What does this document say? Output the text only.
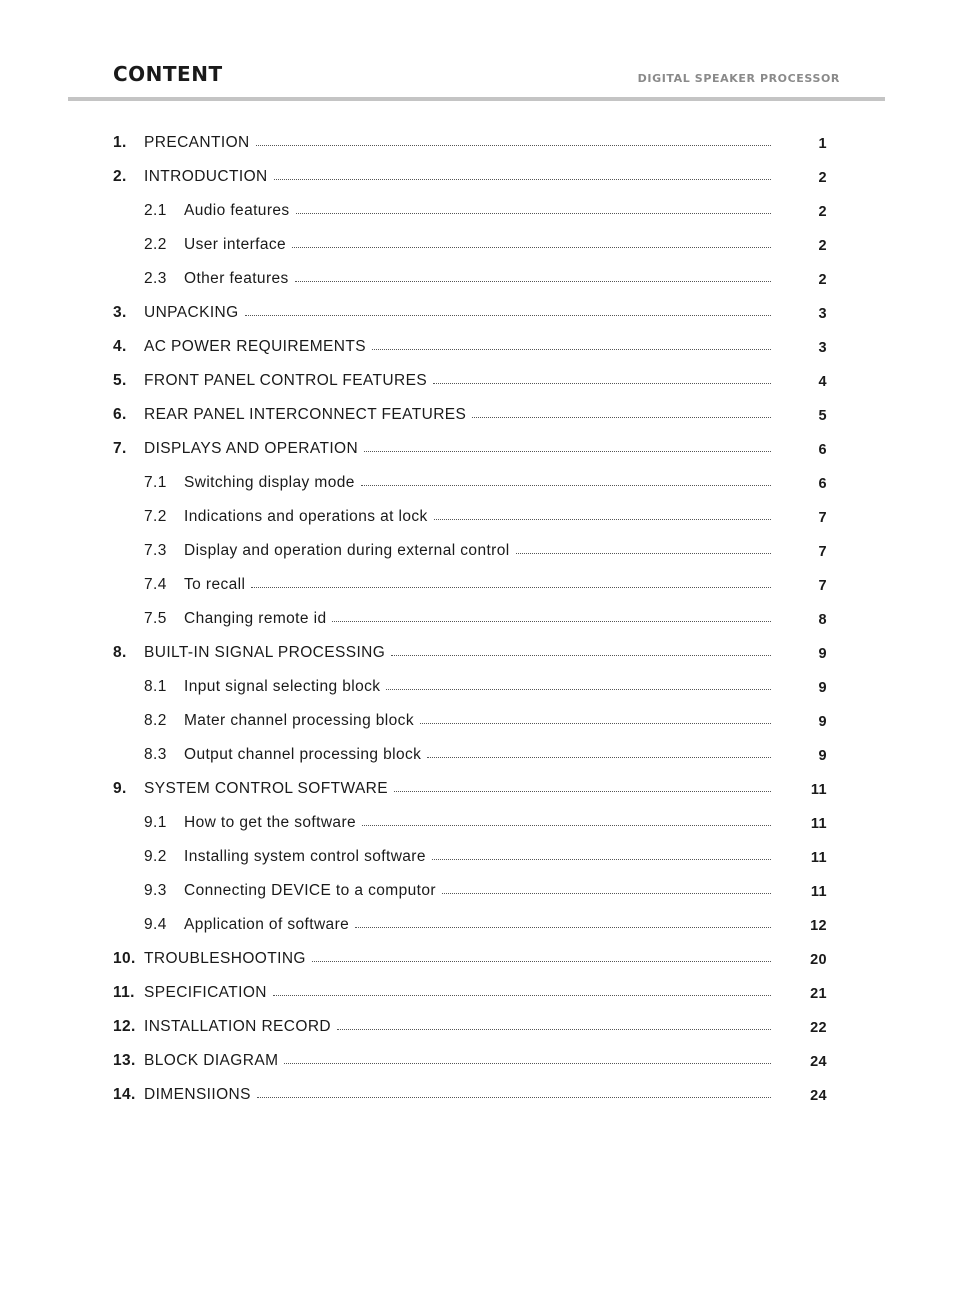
CONTENT	DIGITAL SPEAKER PROCESSOR
1.	PRECANTION	1
2.	INTRODUCTION	2
2.1	Audio features	2
2.2	User interface	2
2.3	Other features	2
3.	UNPACKING	3
4.	AC POWER REQUIREMENTS	3
5.	FRONT PANEL CONTROL FEATURES	4
6.	REAR PANEL INTERCONNECT FEATURES	5
7.	DISPLAYS AND OPERATION	6
7.1	Switching display mode	6
7.2	Indications and operations at lock	7
7.3	Display and operation during external control	7
7.4	To recall	7
7.5	Changing remote id	8
8.	BUILT-IN SIGNAL PROCESSING	9
8.1	Input signal selecting block	9
8.2	Mater channel processing block	9
8.3	Output channel processing block	9
9.	SYSTEM CONTROL SOFTWARE	11
9.1	How to get the software	11
9.2	Installing system control software	11
9.3	Connecting DEVICE to a computor	11
9.4	Application of software	12
10. TROUBLESHOOTING	20
11. SPECIFICATION	21
12. INSTALLATION RECORD	22
13. BLOCK DIAGRAM	24
14. DIMENSIIONS	24
